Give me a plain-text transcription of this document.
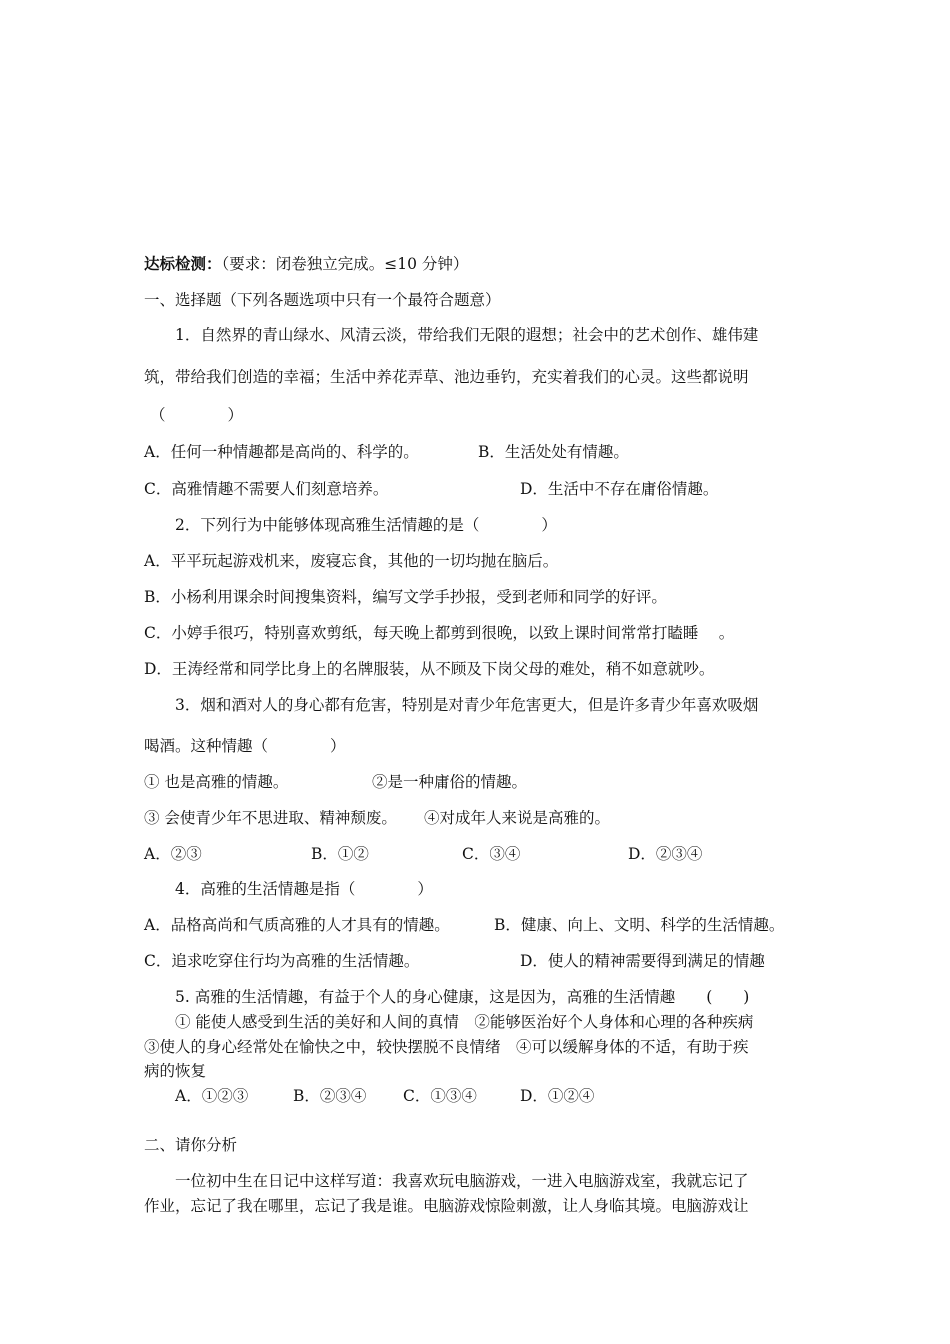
达标检测：（要求：闭卷独立完成。≤10 分钟）
一、选择题（下列各题选项中只有一个最符合题意）
1．自然界的青山绿水、风清云淡，带给我们无限的遐想；社会中的艺术创作、雄伟建
筑，带给我们创造的幸福；生活中养花弄草、池边垂钓，充实着我们的心灵。这些都说明
（　　　　）
A．任何一种情趣都是高尚的、科学的。	B．生活处处有情趣。
C．高雅情趣不需要人们刻意培养。	D．生活中不存在庸俗情趣。
2．下列行为中能够体现高雅生活情趣的是（　　　　）
A．平平玩起游戏机来，废寝忘食，其他的一切均抛在脑后。
B．小杨利用课余时间搜集资料，编写文学手抄报，受到老师和同学的好评。
C．小婷手很巧，特别喜欢剪纸，每天晚上都剪到很晚，以致上课时间常常打瞌睡　 。
D．王涛经常和同学比身上的名牌服装，从不顾及下岗父母的难处，稍不如意就吵。
3．烟和酒对人的身心都有危害，特别是对青少年危害更大，但是许多青少年喜欢吸烟
喝酒。这种情趣（　　　　）
① 也是高雅的情趣。	②是一种庸俗的情趣。
③ 会使青少年不思进取、精神颓废。 ④对成年人来说是高雅的。
A．②③	B．①②	C．③④	D．②③④
4．高雅的生活情趣是指（　　　　）
A．品格高尚和气质高雅的人才具有的情趣。	B．健康、向上、文明、科学的生活情趣。
C．追求吃穿住行均为高雅的生活情趣。	D．使人的精神需要得到满足的情趣
5. 高雅的生活情趣，有益于个人的身心健康，这是因为，高雅的生活情趣　　(　　)
① 能使人感受到生活的美好和人间的真情　②能够医治好个人身体和心理的各种疾病
③使人的身心经常处在愉快之中，较快摆脱不良情绪　④可以缓解身体的不适，有助于疾
病的恢复
A．①②③	B．②③④ C．①③④	D．①②④
二、请你分析
一位初中生在日记中这样写道：我喜欢玩电脑游戏，一进入电脑游戏室，我就忘记了
作业，忘记了我在哪里，忘记了我是谁。电脑游戏惊险刺激，让人身临其境。电脑游戏让
